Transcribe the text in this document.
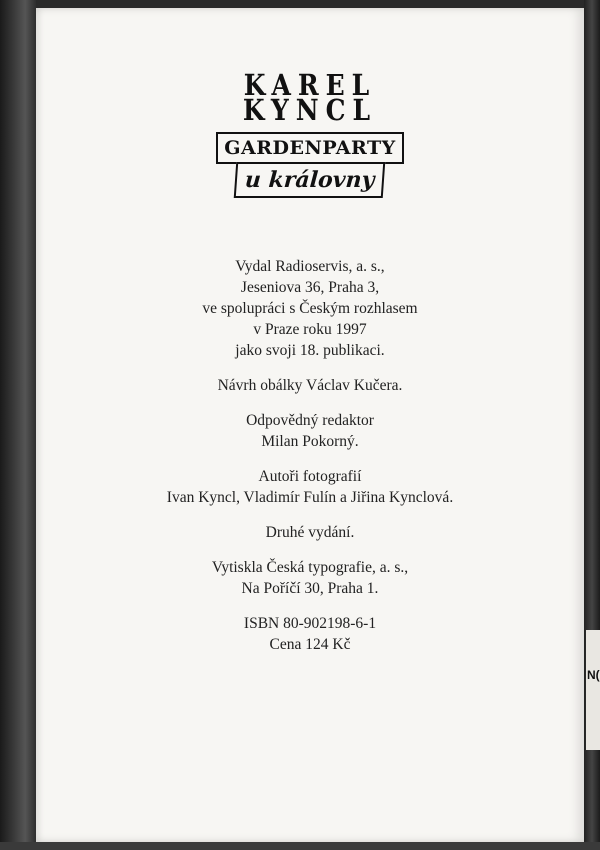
KAREL
KYNCL
GARDENPARTY
u královny

Vydal Radioservis, a. s.,
Jeseniova 36, Praha 3,
ve spolupráci s Českým rozhlasem
v Praze roku 1997
jako svoji 18. publikaci.

Návrh obálky Václav Kučera.

Odpovědný redaktor
Milan Pokorný.

Autoři fotografií
Ivan Kyncl, Vladimír Fulín a Jiřina Kynclová.

Druhé vydání.

Vytiskla Česká typografie, a. s.,
Na Poříčí 30, Praha 1.

ISBN 80-902198-6-1
Cena 124 Kč

N(
